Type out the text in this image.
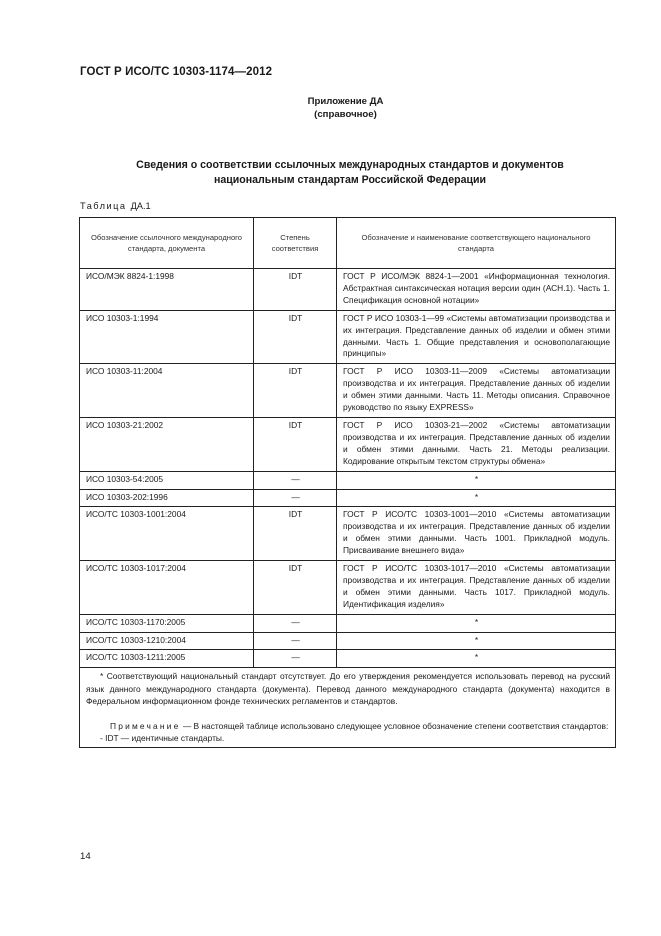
ГОСТ Р ИСО/ТС 10303-1174—2012
Приложение ДА
(справочное)
Сведения о соответствии ссылочных международных стандартов и документов
национальным стандартам Российской Федерации
Таблица ДА.1
Обозначение ссылочного международного стандарта, документа	Степень соответствия	Обозначение и наименование соответствующего национального стандарта
ИСО/МЭК 8824-1:1998	IDT	ГОСТ Р ИСО/МЭК 8824-1—2001 «Информационная технология. Абстрактная синтаксическая нотация версии один (АСН.1). Часть 1. Спецификация основной нотации»
ИСО 10303-1:1994	IDT	ГОСТ Р ИСО 10303-1—99 «Системы автоматизации производства и их интеграция. Представление данных об изделии и обмен этими данными. Часть 1. Общие представления и основополагающие принципы»
ИСО 10303-11:2004	IDT	ГОСТ Р ИСО 10303-11—2009 «Системы автоматизации производства и их интеграция. Представление данных об изделии и обмен этими данными. Часть 11. Методы описания. Справочное руководство по языку EXPRESS»
ИСО 10303-21:2002	IDT	ГОСТ Р ИСО 10303-21—2002 «Системы автоматизации производства и их интеграция. Представление данных об изделии и обмен этими данными. Часть 21. Методы реализации. Кодирование открытым текстом структуры обмена»
ИСО 10303-54:2005	—	*
ИСО 10303-202:1996	—	*
ИСО/ТС 10303-1001:2004	IDT	ГОСТ Р ИСО/ТС 10303-1001—2010 «Системы автоматизации производства и их интеграция. Представление данных об изделии и обмен этими данными. Часть 1001. Прикладной модуль. Присваивание внешнего вида»
ИСО/ТС 10303-1017:2004	IDT	ГОСТ Р ИСО/ТС 10303-1017—2010 «Системы автоматизации производства и их интеграция. Представление данных об изделии и обмен этими данными. Часть 1017. Прикладной модуль. Идентификация изделия»
ИСО/ТС 10303-1170:2005	—	*
ИСО/ТС 10303-1210:2004	—	*
ИСО/ТС 10303-1211:2005	—	*

* Соответствующий национальный стандарт отсутствует. До его утверждения рекомендуется использовать перевод на русский язык данного международного стандарта (документа). Перевод данного международного стандарта (документа) находится в Федеральном информационном фонде технических регламентов и стандартов.
Примечание — В настоящей таблице использовано следующее условное обозначение степени соответствия стандартов:
- IDT — идентичные стандарты.		
14
